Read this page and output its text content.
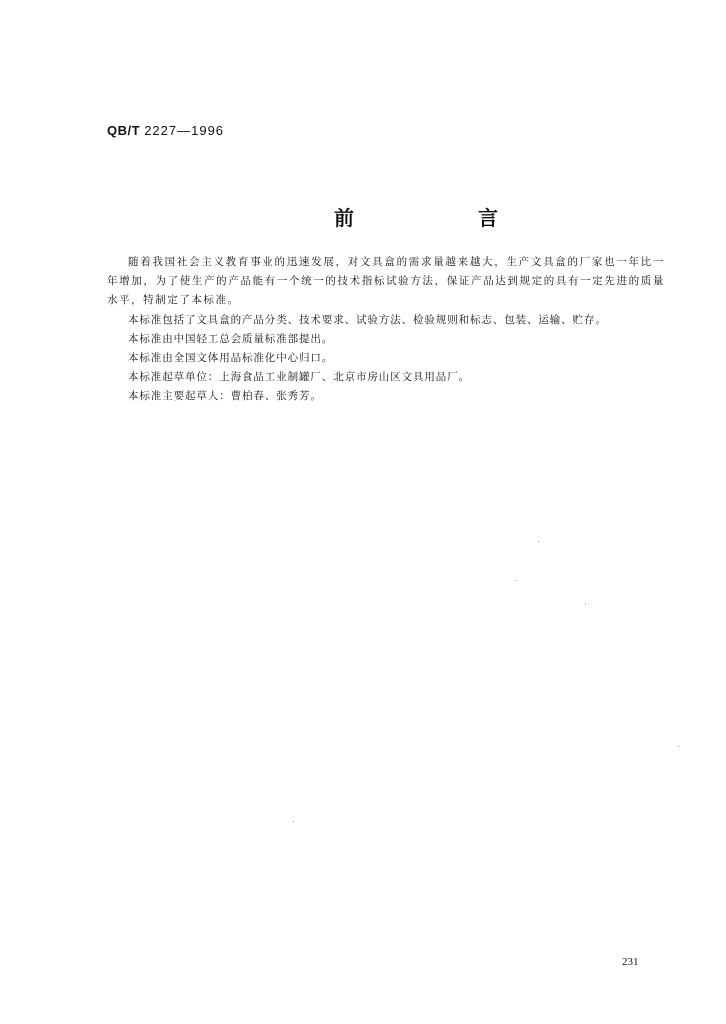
QB/T 2227—1996
前　言

随着我国社会主义教育事业的迅速发展，对文具盒的需求量越来越大，生产文具盒的厂家也一年比一年增加，为了使生产的产品能有一个统一的技术指标试验方法，保证产品达到规定的具有一定先进的质量水平，特制定了本标准。

本标准包括了文具盒的产品分类、技术要求、试验方法、检验规则和标志、包装、运输、贮存。

本标准由中国轻工总会质量标准部提出。

本标准由全国文体用品标准化中心归口。

本标准起草单位：上海食品工业制罐厂、北京市房山区文具用品厂。

本标准主要起草人：曹柏春、张秀芳。

231
